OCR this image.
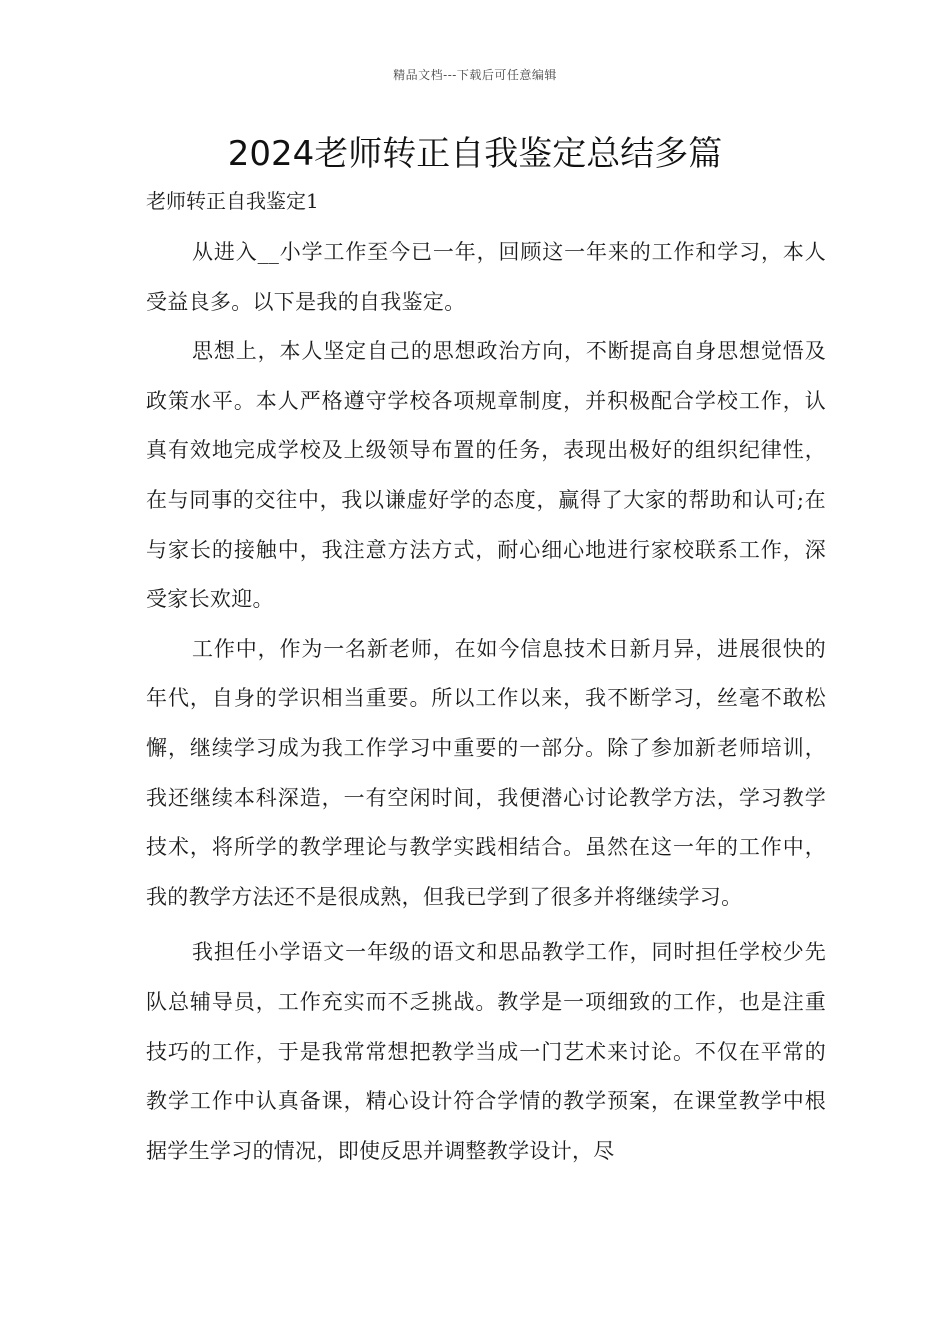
精品文档---下载后可任意编辑
2024老师转正自我鉴定总结多篇
老师转正自我鉴定1

从进入__小学工作至今已一年，回顾这一年来的工作和学习，本人受益良多。以下是我的自我鉴定。

思想上，本人坚定自己的思想政治方向，不断提高自身思想觉悟及政策水平。本人严格遵守学校各项规章制度，并积极配合学校工作，认真有效地完成学校及上级领导布置的任务，表现出极好的组织纪律性，在与同事的交往中，我以谦虚好学的态度，赢得了大家的帮助和认可;在与家长的接触中，我注意方法方式，耐心细心地进行家校联系工作，深受家长欢迎。

工作中，作为一名新老师，在如今信息技术日新月异，进展很快的年代，自身的学识相当重要。所以工作以来，我不断学习，丝毫不敢松懈，继续学习成为我工作学习中重要的一部分。除了参加新老师培训，我还继续本科深造，一有空闲时间，我便潜心讨论教学方法，学习教学技术，将所学的教学理论与教学实践相结合。虽然在这一年的工作中，我的教学方法还不是很成熟，但我已学到了很多并将继续学习。

我担任小学语文一年级的语文和思品教学工作，同时担任学校少先队总辅导员，工作充实而不乏挑战。教学是一项细致的工作，也是注重技巧的工作，于是我常常想把教学当成一门艺术来讨论。不仅在平常的教学工作中认真备课，精心设计符合学情的教学预案，在课堂教学中根据学生学习的情况，即使反思并调整教学设计，尽
